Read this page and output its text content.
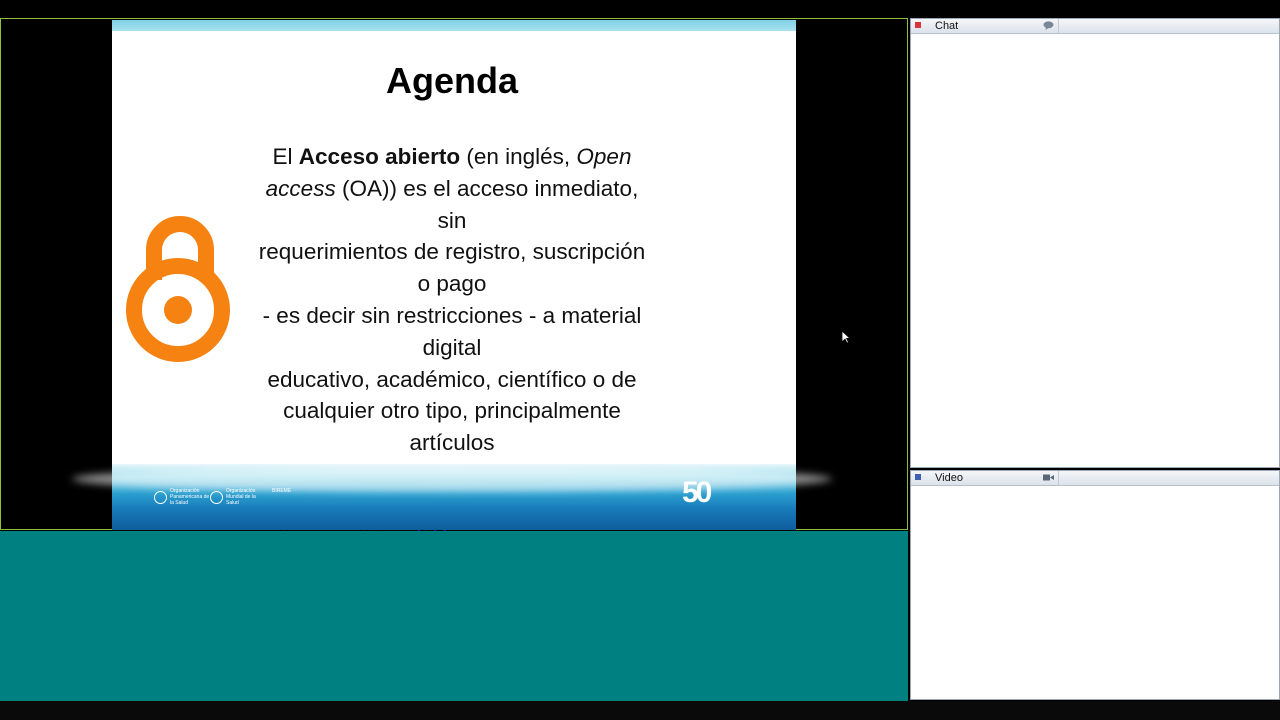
Agenda
El Acceso abierto (en inglés, Open
access (OA)) es el acceso inmediato, sin
requerimientos de registro, suscripción o pago
- es decir sin restricciones - a material digital
educativo, académico, científico o de
cualquier otro tipo, principalmente artículos
Organización Panamericana de la Salud
Organización Mundial de la Salud
BIREME	50
Chat
Video
